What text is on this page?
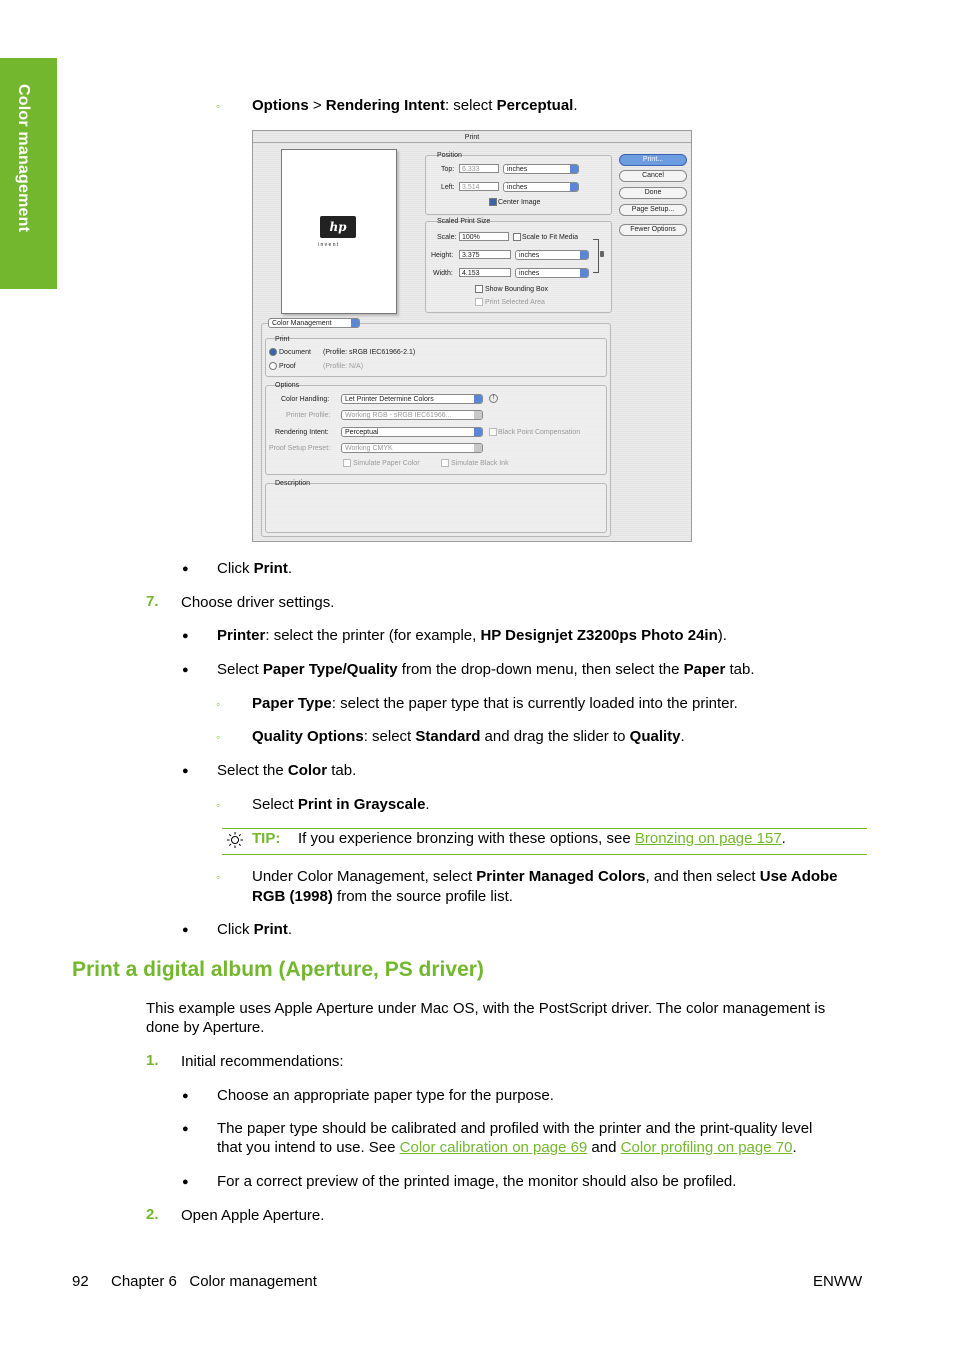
Color management	◦ Options > Rendering Intent: select Perceptual.
Print
hp
i n v e n t
Position
Top:	6.333	inches
Left:	3.514	inches
Center Image
Scaled Print Size
Scale: 100%	Scale to Fit Media
Height:	3.375	inches
Width:	4.153	inches
Show Bounding Box
Print Selected Area
Print...
Cancel
Done
Page Setup...
Fewer Options
Color Management
Print
Document (Profile: sRGB IEC61966-2.1)
Proof	(Profile: N/A)
Options
Color Handling:	Let Printer Determine Colors	!
Printer Profile:	Working RGB - sRGB IEC61966...
Rendering Intent:	Perceptual	Black Point Compensation
Proof Setup Preset:	Working CMYK
Simulate Paper Color	Simulate Black Ink
Description
● Click Print.
7. Choose driver settings.
● Printer: select the printer (for example, HP Designjet Z3200ps Photo 24in).
● Select Paper Type/Quality from the drop-down menu, then select the Paper tab.
◦ Paper Type: select the paper type that is currently loaded into the printer.
◦ Quality Options: select Standard and drag the slider to Quality.
● Select the Color tab.
◦ Select Print in Grayscale.
TIP: If you experience bronzing with these options, see Bronzing on page 157.
◦ Under Color Management, select Printer Managed Colors, and then select Use Adobe
RGB (1998) from the source profile list.
● Click Print.
Print a digital album (Aperture, PS driver)
This example uses Apple Aperture under Mac OS, with the PostScript driver. The color management is
done by Aperture.
1. Initial recommendations:
● Choose an appropriate paper type for the purpose.
● The paper type should be calibrated and profiled with the printer and the print-quality level
that you intend to use. See Color calibration on page 69 and Color profiling on page 70.
● For a correct preview of the printed image, the monitor should also be profiled.
2. Open Apple Aperture.
92 Chapter 6   Color management	ENWW
